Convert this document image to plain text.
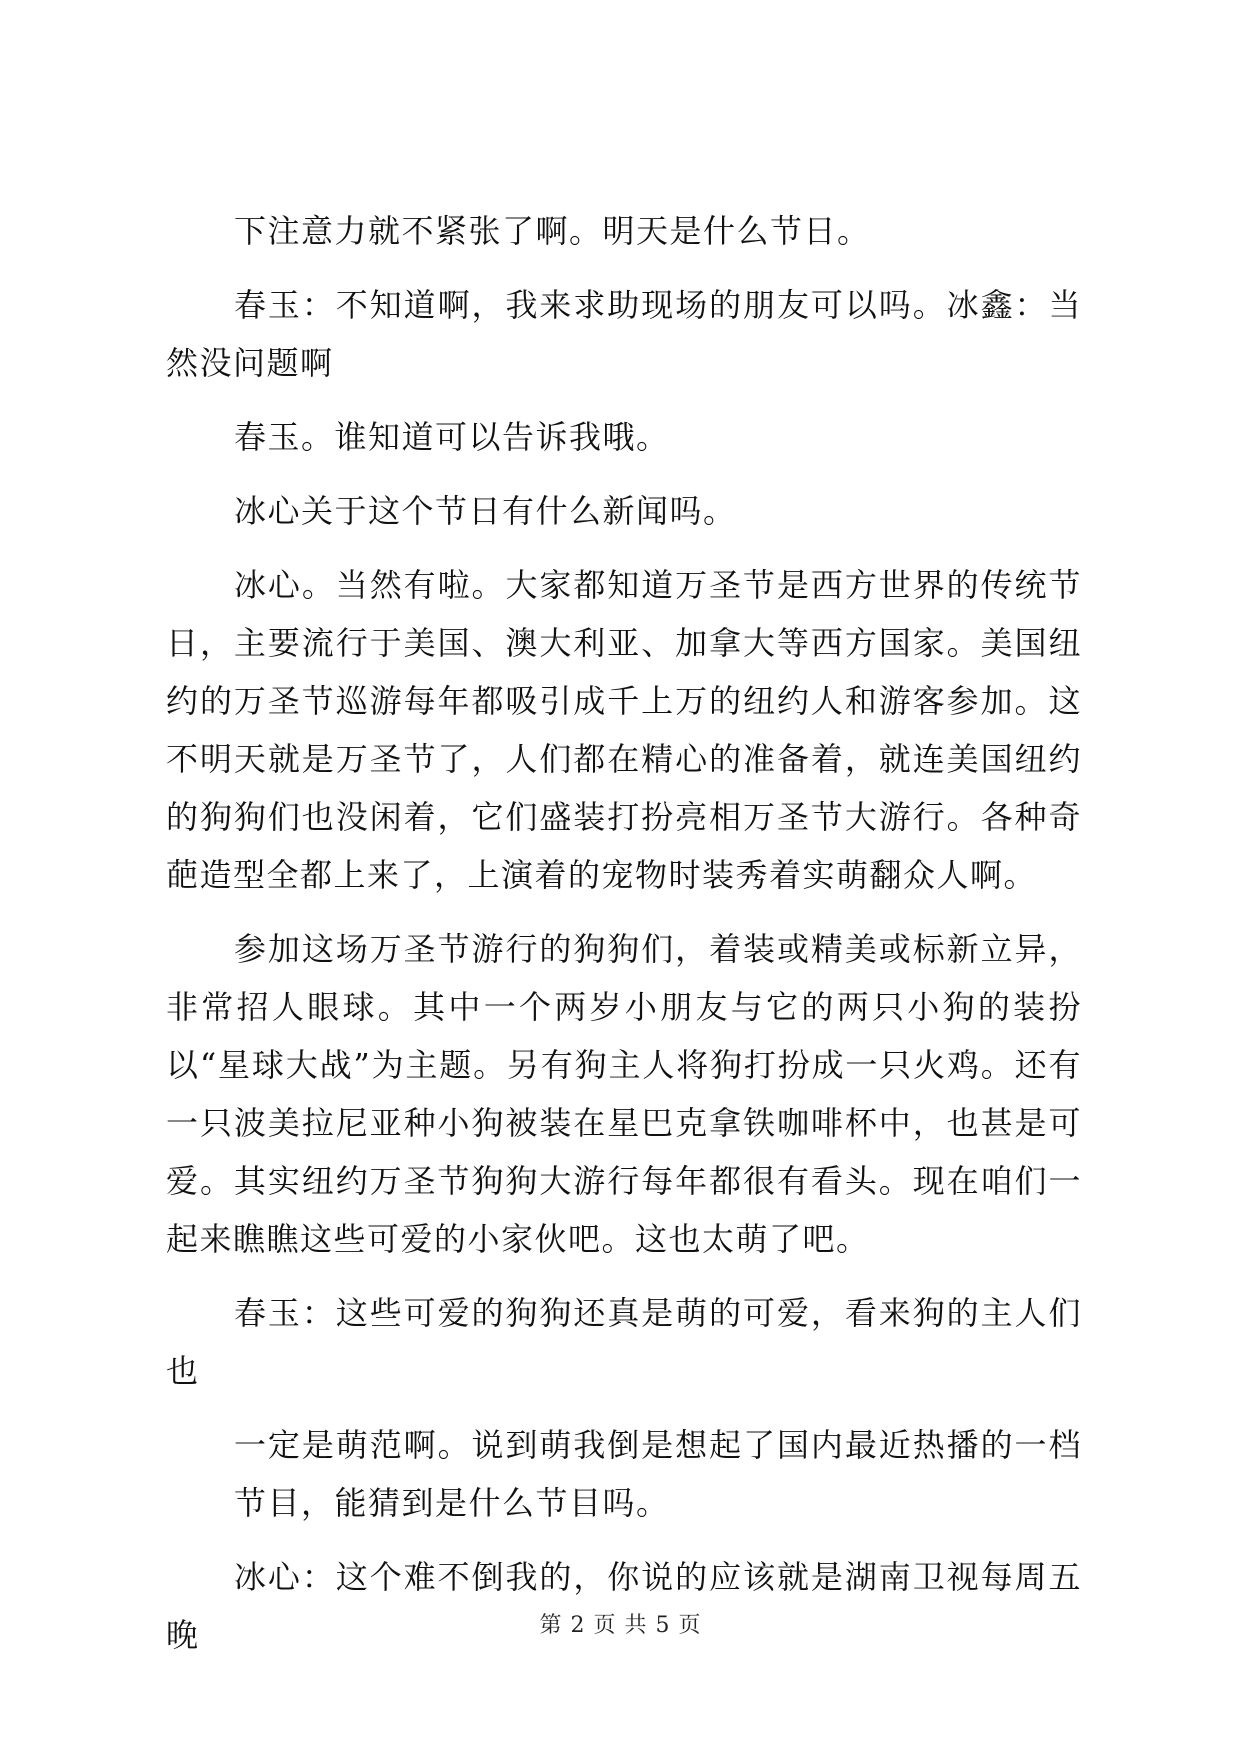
下注意力就不紧张了啊。明天是什么节日。

春玉：不知道啊，我来求助现场的朋友可以吗。冰鑫：当然没问题啊

春玉。谁知道可以告诉我哦。

冰心关于这个节日有什么新闻吗。

冰心。当然有啦。大家都知道万圣节是西方世界的传统节日，主要流行于美国、澳大利亚、加拿大等西方国家。美国纽约的万圣节巡游每年都吸引成千上万的纽约人和游客参加。这不明天就是万圣节了，人们都在精心的准备着，就连美国纽约的狗狗们也没闲着，它们盛装打扮亮相万圣节大游行。各种奇葩造型全都上来了，上演着的宠物时装秀着实萌翻众人啊。

参加这场万圣节游行的狗狗们，着装或精美或标新立异，非常招人眼球。其中一个两岁小朋友与它的两只小狗的装扮以“星球大战”为主题。另有狗主人将狗打扮成一只火鸡。还有一只波美拉尼亚种小狗被装在星巴克拿铁咖啡杯中，也甚是可爱。其实纽约万圣节狗狗大游行每年都很有看头。现在咱们一起来瞧瞧这些可爱的小家伙吧。这也太萌了吧。

春玉：这些可爱的狗狗还真是萌的可爱，看来狗的主人们也

一定是萌范啊。说到萌我倒是想起了国内最近热播的一档节目，能猜到是什么节目吗。

冰心：这个难不倒我的，你说的应该就是湖南卫视每周五晚	第 2 页 共 5 页
